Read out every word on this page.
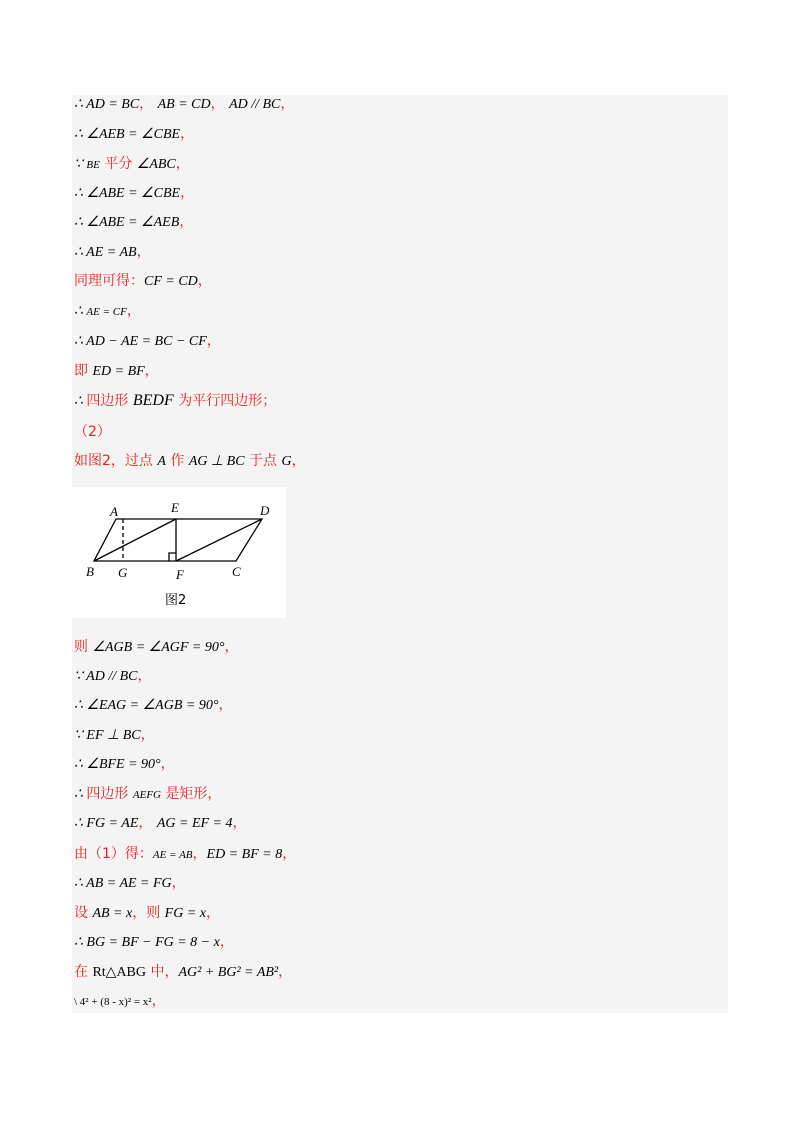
∴ AD = BC， AB = CD， AD // BC，
∴ ∠AEB = ∠CBE，
∵ BE 平分 ∠ABC，
∴ ∠ABE = ∠CBE，
∴ ∠ABE = ∠AEB，
∴ AE = AB，
同理可得：CF = CD，
∴ AE = CF，
∴ AD − AE = BC − CF，
即 ED = BF，
∴ 四边形 BEDF 为平行四边形；
（2）
如图2，过点 A 作 AG ⊥ BC 于点 G，
A	E	D
B G	F	C
图2
则 ∠AGB = ∠AGF = 90°，
∵ AD // BC，
∴ ∠EAG = ∠AGB = 90°，
∵ EF ⊥ BC，
∴ ∠BFE = 90°，
∴ 四边形 AEFG 是矩形，
∴ FG = AE， AG = EF = 4，
由（1）得：AE = AB，ED = BF = 8，
∴ AB = AE = FG，
设 AB = x，则 FG = x，
∴ BG = BF − FG = 8 − x，
在 Rt△ABG 中，AG² + BG² = AB²，
\ 4² + (8 - x)² = x²，
